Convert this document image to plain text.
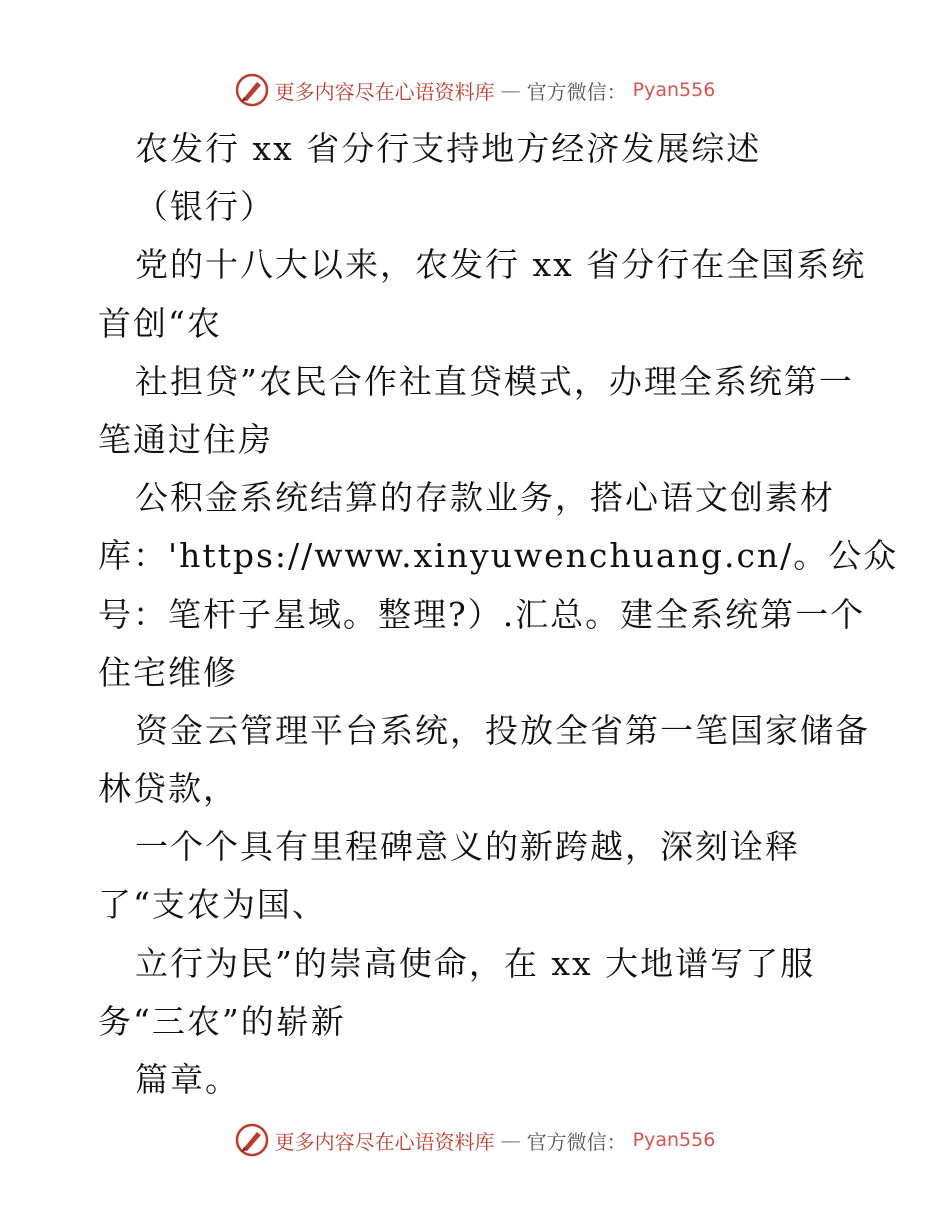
更多内容尽在心语资料库 — 官方微信： Pyan556
农发行 xx 省分行支持地方经济发展综述
（银行）
党的十八大以来，农发行 xx 省分行在全国系统
首创“农
社担贷”农民合作社直贷模式，办理全系统第一
笔通过住房
公积金系统结算的存款业务，搭心语文创素材
库：'https://www.xinyuwenchuang.cn/。公众
号：笔杆子星域。整理?）.汇总。建全系统第一个
住宅维修
资金云管理平台系统，投放全省第一笔国家储备
林贷款，
一个个具有里程碑意义的新跨越，深刻诠释
了“支农为国、
立行为民”的崇高使命，在 xx 大地谱写了服
务“三农”的崭新
篇章。
更多内容尽在心语资料库 — 官方微信： Pyan556
